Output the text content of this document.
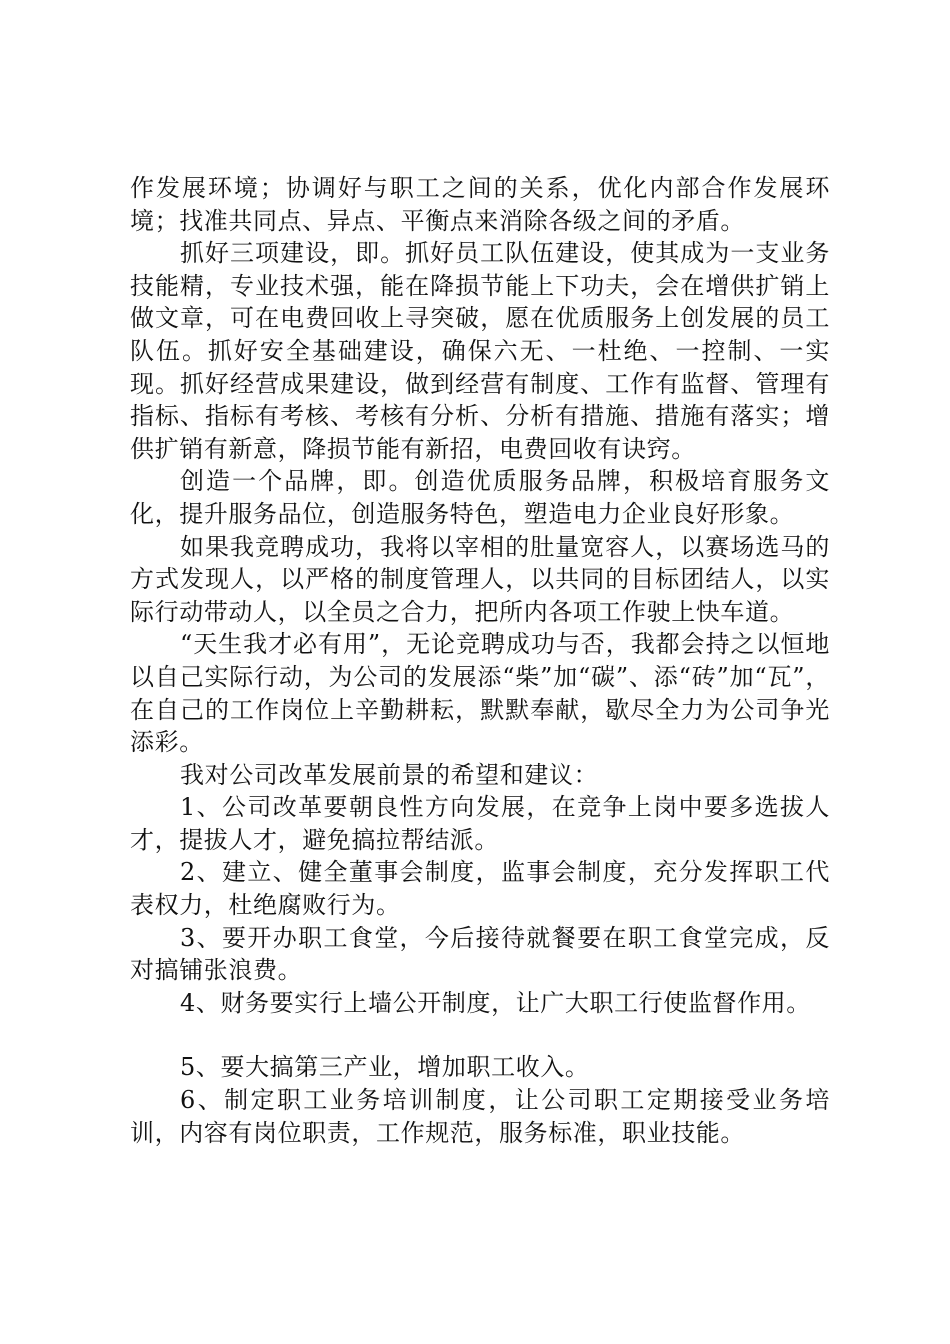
作发展环境；协调好与职工之间的关系，优化内部合作发展环境；找准共同点、异点、平衡点来消除各级之间的矛盾。

抓好三项建设，即。抓好员工队伍建设，使其成为一支业务技能精，专业技术强，能在降损节能上下功夫，会在增供扩销上做文章，可在电费回收上寻突破，愿在优质服务上创发展的员工队伍。抓好安全基础建设，确保六无、一杜绝、一控制、一实现。抓好经营成果建设，做到经营有制度、工作有监督、管理有指标、指标有考核、考核有分析、分析有措施、措施有落实；增供扩销有新意，降损节能有新招，电费回收有诀窍。

创造一个品牌，即。创造优质服务品牌，积极培育服务文化，提升服务品位，创造服务特色，塑造电力企业良好形象。

如果我竞聘成功，我将以宰相的肚量宽容人，以赛场选马的方式发现人，以严格的制度管理人，以共同的目标团结人，以实际行动带动人，以全员之合力，把所内各项工作驶上快车道。

“天生我才必有用”，无论竞聘成功与否，我都会持之以恒地以自己实际行动，为公司的发展添“柴”加“碳”、添“砖”加“瓦”，在自己的工作岗位上辛勤耕耘，默默奉献，歇尽全力为公司争光添彩。

我对公司改革发展前景的希望和建议：

1、公司改革要朝良性方向发展，在竞争上岗中要多选拔人才，提拔人才，避免搞拉帮结派。

2、建立、健全董事会制度，监事会制度，充分发挥职工代表权力，杜绝腐败行为。

3、要开办职工食堂，今后接待就餐要在职工食堂完成，反对搞铺张浪费。

4、财务要实行上墙公开制度，让广大职工行使监督作用。

5、要大搞第三产业，增加职工收入。

6、制定职工业务培训制度，让公司职工定期接受业务培训，内容有岗位职责，工作规范，服务标准，职业技能。
